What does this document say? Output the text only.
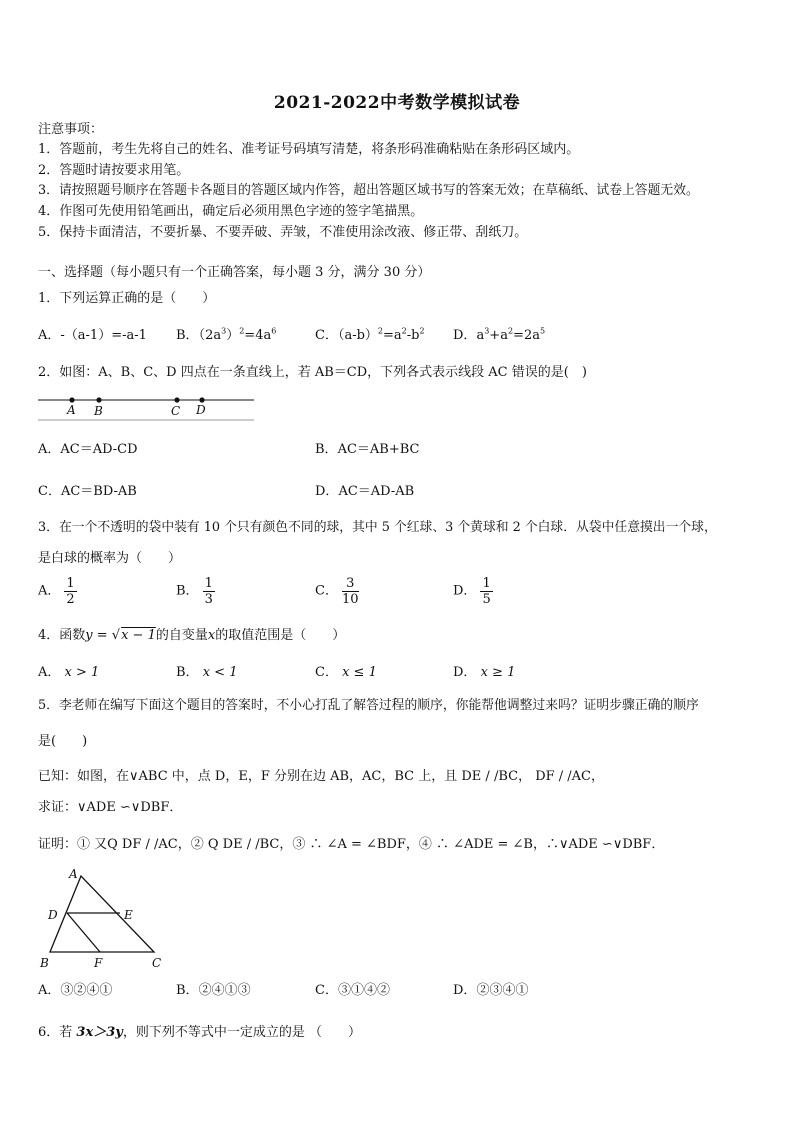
2021-2022中考数学模拟试卷
注意事项：
1．答题前，考生先将自己的姓名、准考证号码填写清楚，将条形码准确粘贴在条形码区域内。
2．答题时请按要求用笔。
3．请按照题号顺序在答题卡各题目的答题区域内作答，超出答题区域书写的答案无效；在草稿纸、试卷上答题无效。
4．作图可先使用铅笔画出，确定后必须用黑色字迹的签字笔描黑。
5．保持卡面清洁，不要折暴、不要弄破、弄皱，不准使用涂改液、修正带、刮纸刀。
一、选择题（每小题只有一个正确答案，每小题 3 分，满分 30 分）
1．下列运算正确的是（　　）
A．-（a-1）=-a-1 B．$(2a^3)^2=4a^6$	C．$(a-b)^2=a^2-b^2$ D．$a^3+a^2=2a^5$
2．如图：A、B、C、D 四点在一条直线上，若 AB＝CD，下列各式表示线段 AC 错误的是(　)
A B	C D
A．AC＝AD-CD	B．AC＝AB+BC
C．AC＝BD-AB	D．AC＝AD-AB
3．在一个不透明的袋中装有 10 个只有颜色不同的球，其中 5 个红球、3 个黄球和 2 个白球．从袋中任意摸出一个球，
是白球的概率为（　　）
A． $\frac{1}{2}$	B． $\frac{1}{3}$	C． $\frac{3}{10}$	D． $\frac{1}{5}$
4．函数y = √x − 1的自变量x的取值范围是（　　）
A． x > 1	B． x < 1	C． x ≤ 1	D． x ≥ 1
5．李老师在编写下面这个题目的答案时，不小心打乱了解答过程的顺序，你能帮他调整过来吗？证明步骤正确的顺序
是(　　)
已知：如图，在∨ABC 中，点 D，E，F 分别在边 AB，AC，BC 上，且 DE / /BC， DF / /AC，
求证：∨ADE ∽∨DBF．
证明：① 又Q DF / /AC，② Q DE / /BC，③ ∴ ∠A = ∠BDF，④ ∴ ∠ADE = ∠B，∴∨ADE ∽∨DBF．
A
D	E
B	F	C
A．③②④①	B．②④①③	C．③①④②	D．②③④①
6．若 3x＞3y，则下列不等式中一定成立的是 （　　）
